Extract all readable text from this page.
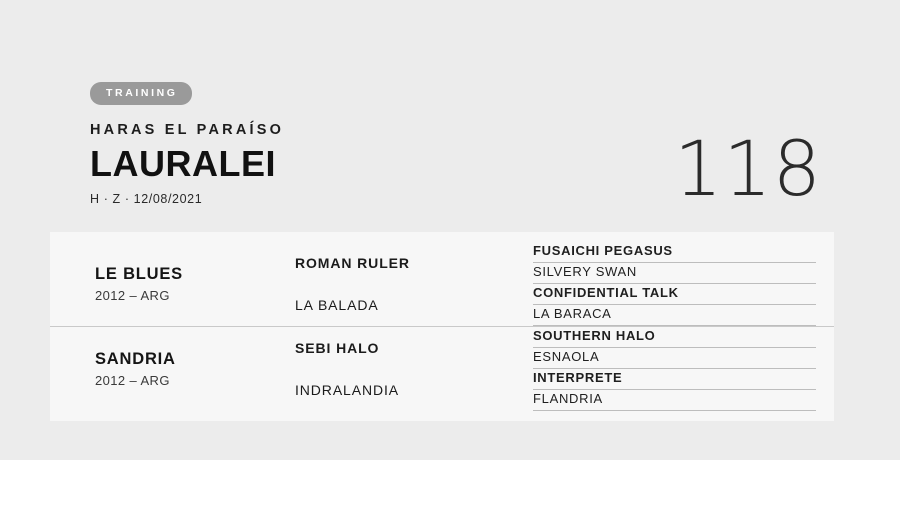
TRAINING
HARAS EL PARAÍSO
LAURALEI
H · Z · 12/08/2021	118
LE BLUES
2012 – ARG
ROMAN RULER
LA BALADA
FUSAICHI PEGASUS
SILVERY SWAN
CONFIDENTIAL TALK
LA BARACA
SANDRIA
2012 – ARG
SEBI HALO
INDRALANDIA
SOUTHERN HALO
ESNAOLA
INTERPRETE
FLANDRIA
